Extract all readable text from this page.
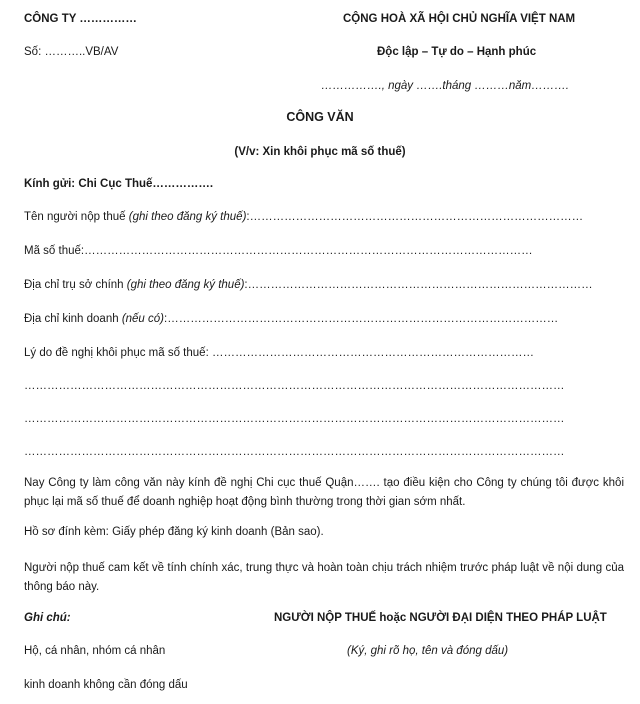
CÔNG TY ……………	CỘNG HOÀ XÃ HỘI CHỦ NGHĨA VIỆT NAM
Số: ………..VB/AV	Độc lập – Tự do – Hạnh phúc
……………., ngày …….tháng ………năm……….
CÔNG VĂN
(V/v: Xin khôi phục mã số thuế)
Kính gửi: Chi Cục Thuế…………….
Tên người nộp thuế (ghi theo đăng ký thuế):……………………………………………………………………………
Mã số thuế:………………………………………………………………………………………………………
Địa chỉ trụ sở chính (ghi theo đăng ký thuế):………………………………………………………………………………
Địa chỉ kinh doanh (nếu có):…………………………………………………………………………………………
Lý do đề nghị khôi phục mã số thuế: …………………………………………………………………………
……………………………………………………………………………………………………………………………
……………………………………………………………………………………………………………………………
……………………………………………………………………………………………………………………………
Nay Công ty làm công văn này kính đề nghị Chi cục thuế Quận……. tạo điều kiện cho Công ty chúng tôi được khôi phục lại mã số thuế để doanh nghiệp hoạt động bình thường trong thời gian sớm nhất.
Hồ sơ đính kèm: Giấy phép đăng ký kinh doanh (Bản sao).
Người nộp thuế cam kết về tính chính xác, trung thực và hoàn toàn chịu trách nhiệm trước pháp luật về nội dung của thông báo này.
Ghi chú:	NGƯỜI NỘP THUẾ hoặc NGƯỜI ĐẠI DIỆN THEO PHÁP LUẬT
Hộ, cá nhân, nhóm cá nhân	(Ký, ghi rõ họ, tên và đóng dấu)
kinh doanh không cần đóng dấu
